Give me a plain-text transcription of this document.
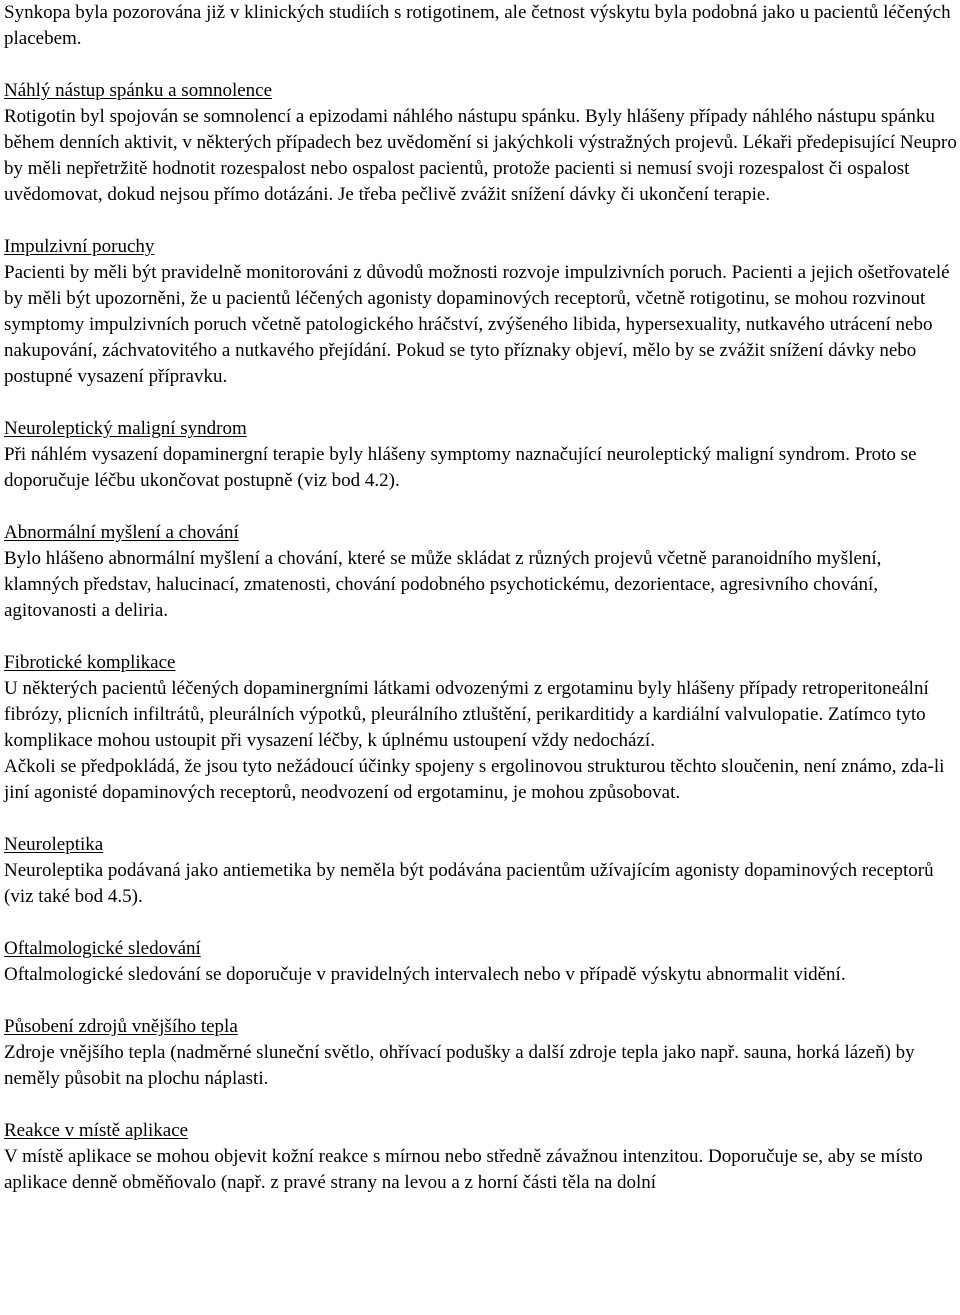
Synkopa byla pozorována již v klinických studiích s rotigotinem, ale četnost výskytu byla podobná jako u pacientů léčených placebem.

Náhlý nástup spánku a somnolence

Rotigotin byl spojován se somnolencí a epizodami náhlého nástupu spánku. Byly hlášeny případy náhlého nástupu spánku během denních aktivit, v některých případech bez uvědomění si jakýchkoli výstražných projevů. Lékaři předepisující Neupro by měli nepřetržitě hodnotit rozespalost nebo ospalost pacientů, protože pacienti si nemusí svoji rozespalost či ospalost uvědomovat, dokud nejsou přímo dotázáni. Je třeba pečlivě zvážit snížení dávky či ukončení terapie.

Impulzivní poruchy

Pacienti by měli být pravidelně monitorováni z důvodů možnosti rozvoje impulzivních poruch. Pacienti a jejich ošetřovatelé by měli být upozorněni, že u pacientů léčených agonisty dopaminových receptorů, včetně rotigotinu, se mohou rozvinout symptomy impulzivních poruch včetně patologického hráčství, zvýšeného libida, hypersexuality, nutkavého utrácení nebo nakupování, záchvatovitého a nutkavého přejídání. Pokud se tyto příznaky objeví, mělo by se zvážit snížení dávky nebo postupné vysazení přípravku.

Neuroleptický maligní syndrom

Při náhlém vysazení dopaminergní terapie byly hlášeny symptomy naznačující neuroleptický maligní syndrom. Proto se doporučuje léčbu ukončovat postupně (viz bod 4.2).

Abnormální myšlení a chování

Bylo hlášeno abnormální myšlení a chování, které se může skládat z různých projevů včetně paranoidního myšlení, klamných představ, halucinací, zmatenosti, chování podobného psychotickému, dezorientace, agresivního chování, agitovanosti a deliria.

Fibrotické komplikace

U některých pacientů léčených dopaminergními látkami odvozenými z ergotaminu byly hlášeny případy retroperitoneální fibrózy, plicních infiltrátů, pleurálních výpotků, pleurálního ztluštění, perikarditidy a kardiální valvulopatie. Zatímco tyto komplikace mohou ustoupit při vysazení léčby, k úplnému ustoupení vždy nedochází.

Ačkoli se předpokládá, že jsou tyto nežádoucí účinky spojeny s ergolinovou strukturou těchto sloučenin, není známo, zda-li jiní agonisté dopaminových receptorů, neodvození od ergotaminu, je mohou způsobovat.

Neuroleptika

Neuroleptika podávaná jako antiemetika by neměla být podávána pacientům užívajícím agonisty dopaminových receptorů (viz také bod 4.5).

Oftalmologické sledování

Oftalmologické sledování se doporučuje v pravidelných intervalech nebo v případě výskytu abnormalit vidění.

Působení zdrojů vnějšího tepla

Zdroje vnějšího tepla (nadměrné sluneční světlo, ohřívací podušky a další zdroje tepla jako např. sauna, horká lázeň) by neměly působit na plochu náplasti.

Reakce v místě aplikace

V místě aplikace se mohou objevit kožní reakce s mírnou nebo středně závažnou intenzitou. Doporučuje se, aby se místo aplikace denně obměňovalo (např. z pravé strany na levou a z horní části těla na dolní
